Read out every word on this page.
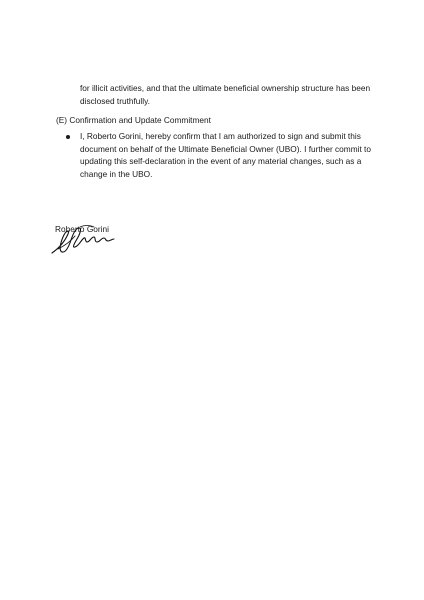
for illicit activities, and that the ultimate beneficial ownership structure has been disclosed truthfully.

(E) Confirmation and Update Commitment

I, Roberto Gorini, hereby confirm that I am authorized to sign and submit this document on behalf of the Ultimate Beneficial Owner (UBO). I further commit to updating this self-declaration in the event of any material changes, such as a change in the UBO.

Roberto Gorini
